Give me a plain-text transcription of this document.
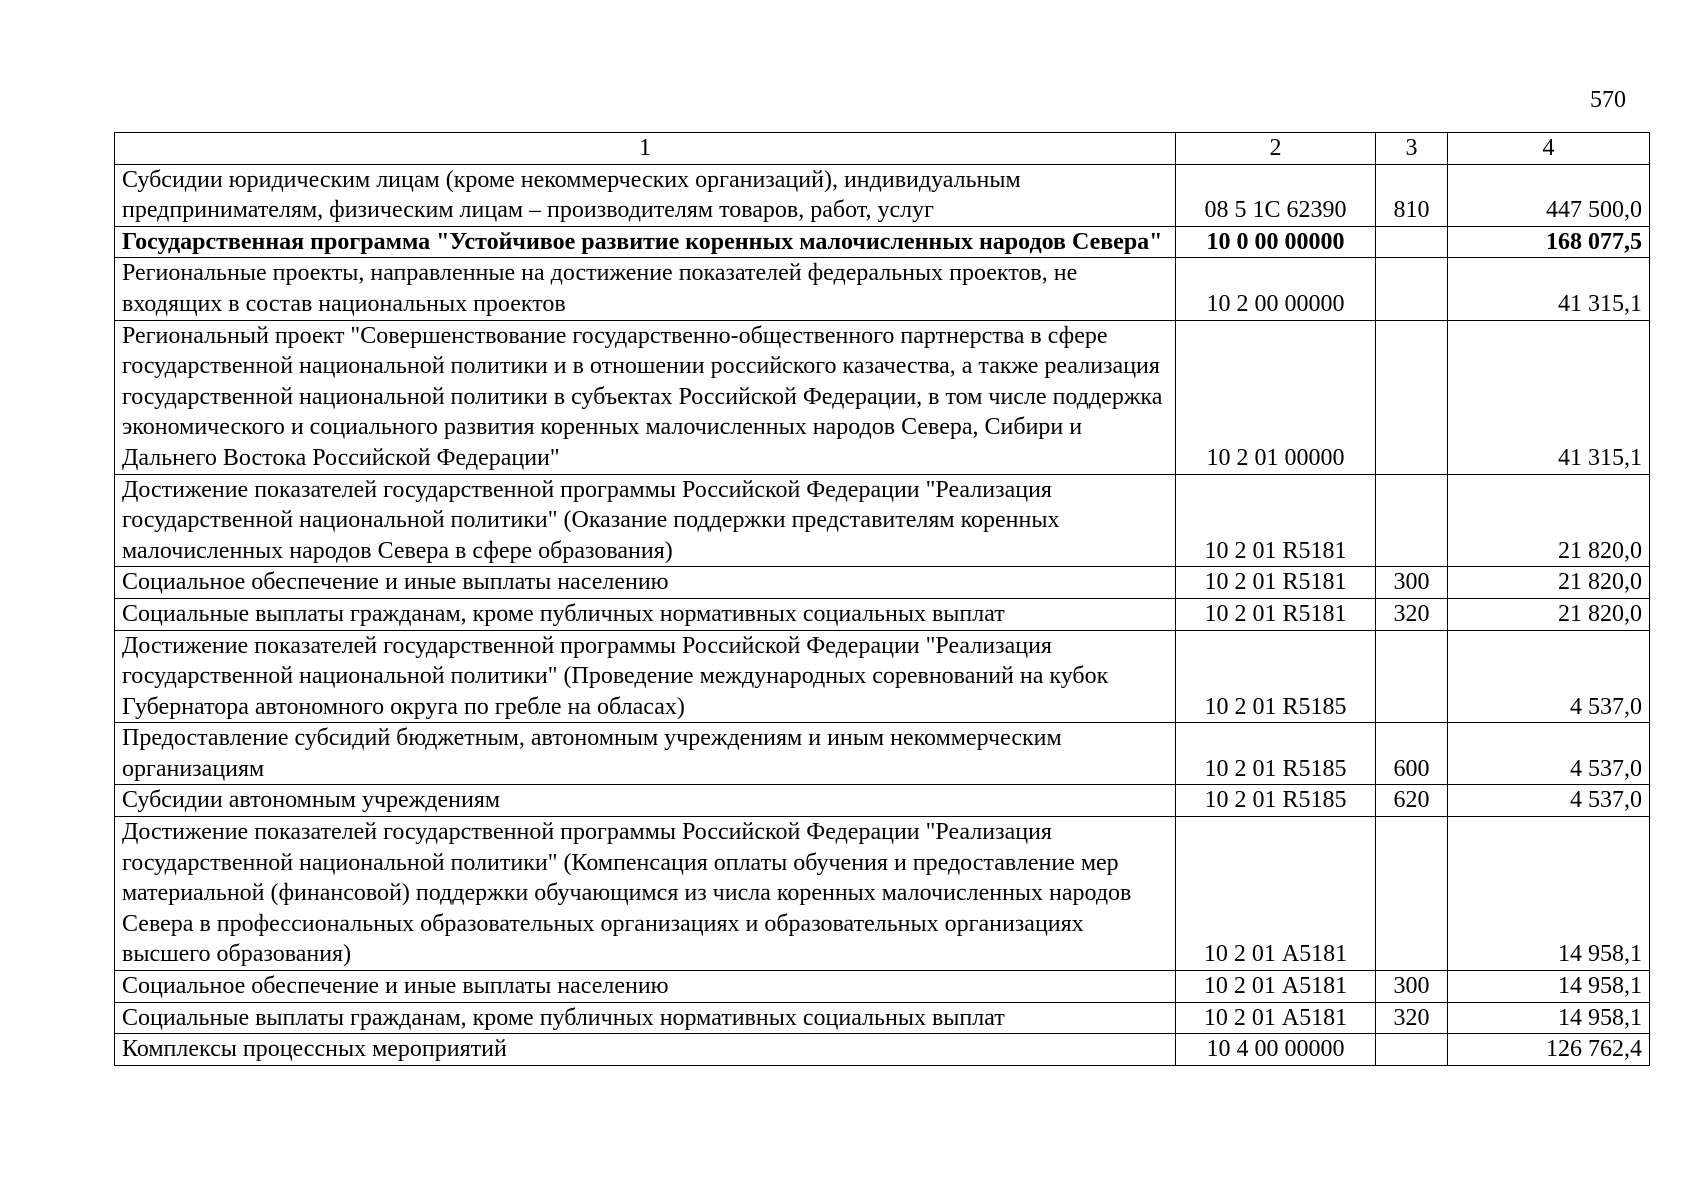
570
1	2	3	4
Субсидии юридическим лицам (кроме некоммерческих организаций), индивидуальным предпринимателям, физическим лицам – производителям товаров, работ, услуг	08 5 1С 62390	810	447 500,0
Государственная программа "Устойчивое развитие коренных малочисленных народов Севера"	10 0 00 00000		168 077,5
Региональные проекты, направленные на достижение показателей федеральных проектов, не входящих в состав национальных проектов	10 2 00 00000		41 315,1
Региональный проект "Совершенствование государственно-общественного партнерства в сфере государственной национальной политики и в отношении российского казачества, а также реализация государственной национальной политики в субъектах Российской Федерации, в том числе поддержка экономического и социального развития коренных малочисленных народов Севера, Сибири и Дальнего Востока Российской Федерации"	10 2 01 00000		41 315,1
Достижение показателей государственной программы Российской Федерации "Реализация государственной национальной политики" (Оказание поддержки представителям коренных малочисленных народов Севера в сфере образования)	10 2 01 R5181		21 820,0
Социальное обеспечение и иные выплаты населению	10 2 01 R5181	300	21 820,0
Социальные выплаты гражданам, кроме публичных нормативных социальных выплат	10 2 01 R5181	320	21 820,0
Достижение показателей государственной программы Российской Федерации "Реализация государственной национальной политики" (Проведение международных соревнований на кубок Губернатора автономного округа по гребле на обласах)	10 2 01 R5185		4 537,0
Предоставление субсидий бюджетным, автономным учреждениям и иным некоммерческим организациям	10 2 01 R5185	600	4 537,0
Субсидии автономным учреждениям	10 2 01 R5185	620	4 537,0
Достижение показателей государственной программы Российской Федерации "Реализация государственной национальной политики" (Компенсация оплаты обучения и предоставление мер материальной (финансовой) поддержки обучающимся из числа коренных малочисленных народов Севера в профессиональных образовательных организациях и образовательных организациях высшего образования)	10 2 01 А5181		14 958,1
Социальное обеспечение и иные выплаты населению	10 2 01 А5181	300	14 958,1
Социальные выплаты гражданам, кроме публичных нормативных социальных выплат	10 2 01 А5181	320	14 958,1
Комплексы процессных мероприятий	10 4 00 00000		126 762,4
